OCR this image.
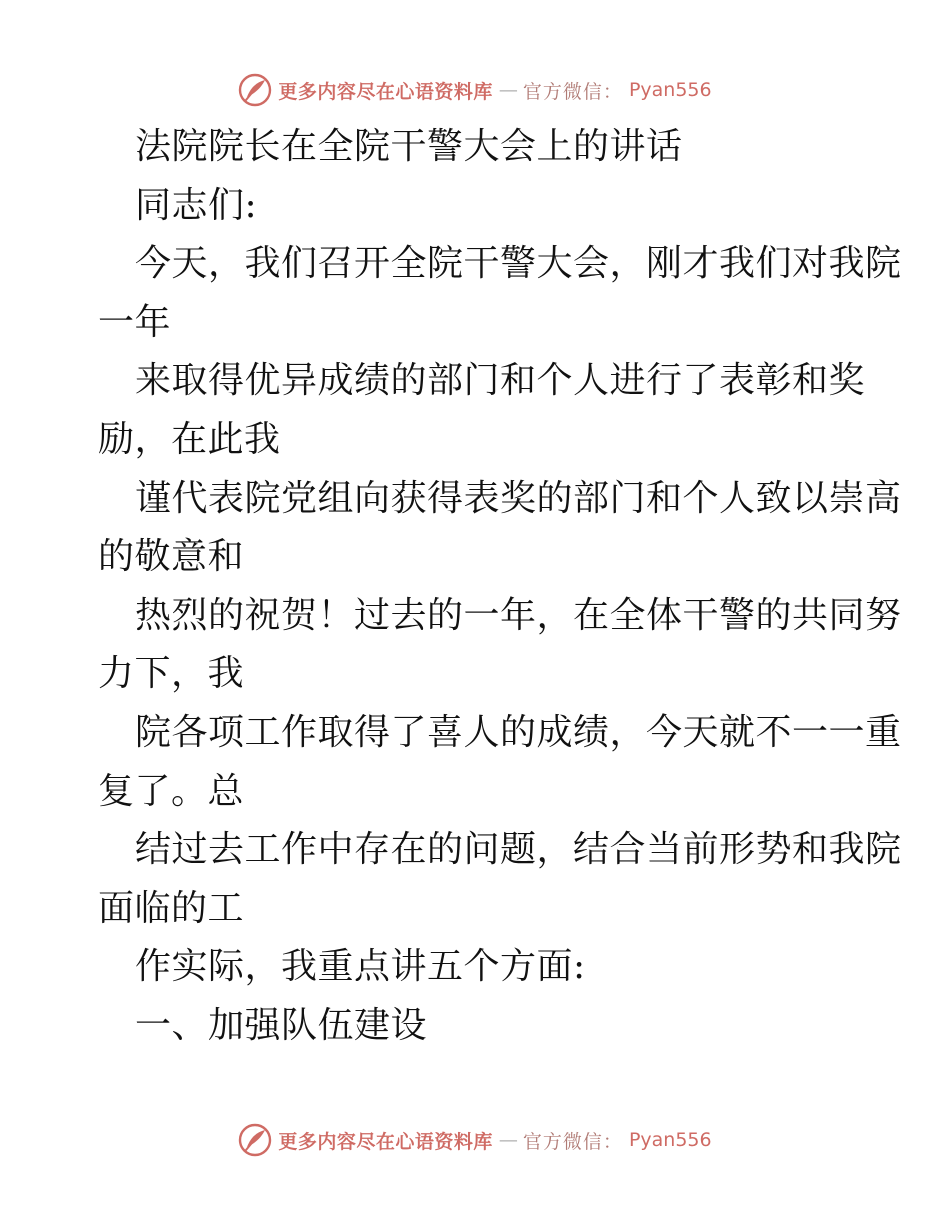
更多内容尽在心语资料库 — 官方微信： Pyan556
法院院长在全院干警大会上的讲话
同志们:
今天，我们召开全院干警大会，刚才我们对我院
一年
来取得优异成绩的部门和个人进行了表彰和奖
励，在此我
谨代表院党组向获得表奖的部门和个人致以崇高
的敬意和
热烈的祝贺！过去的一年，在全体干警的共同努
力下，我
院各项工作取得了喜人的成绩，今天就不一一重
复了。总
结过去工作中存在的问题，结合当前形势和我院
面临的工
作实际，我重点讲五个方面:
一、加强队伍建设
更多内容尽在心语资料库 — 官方微信： Pyan556
